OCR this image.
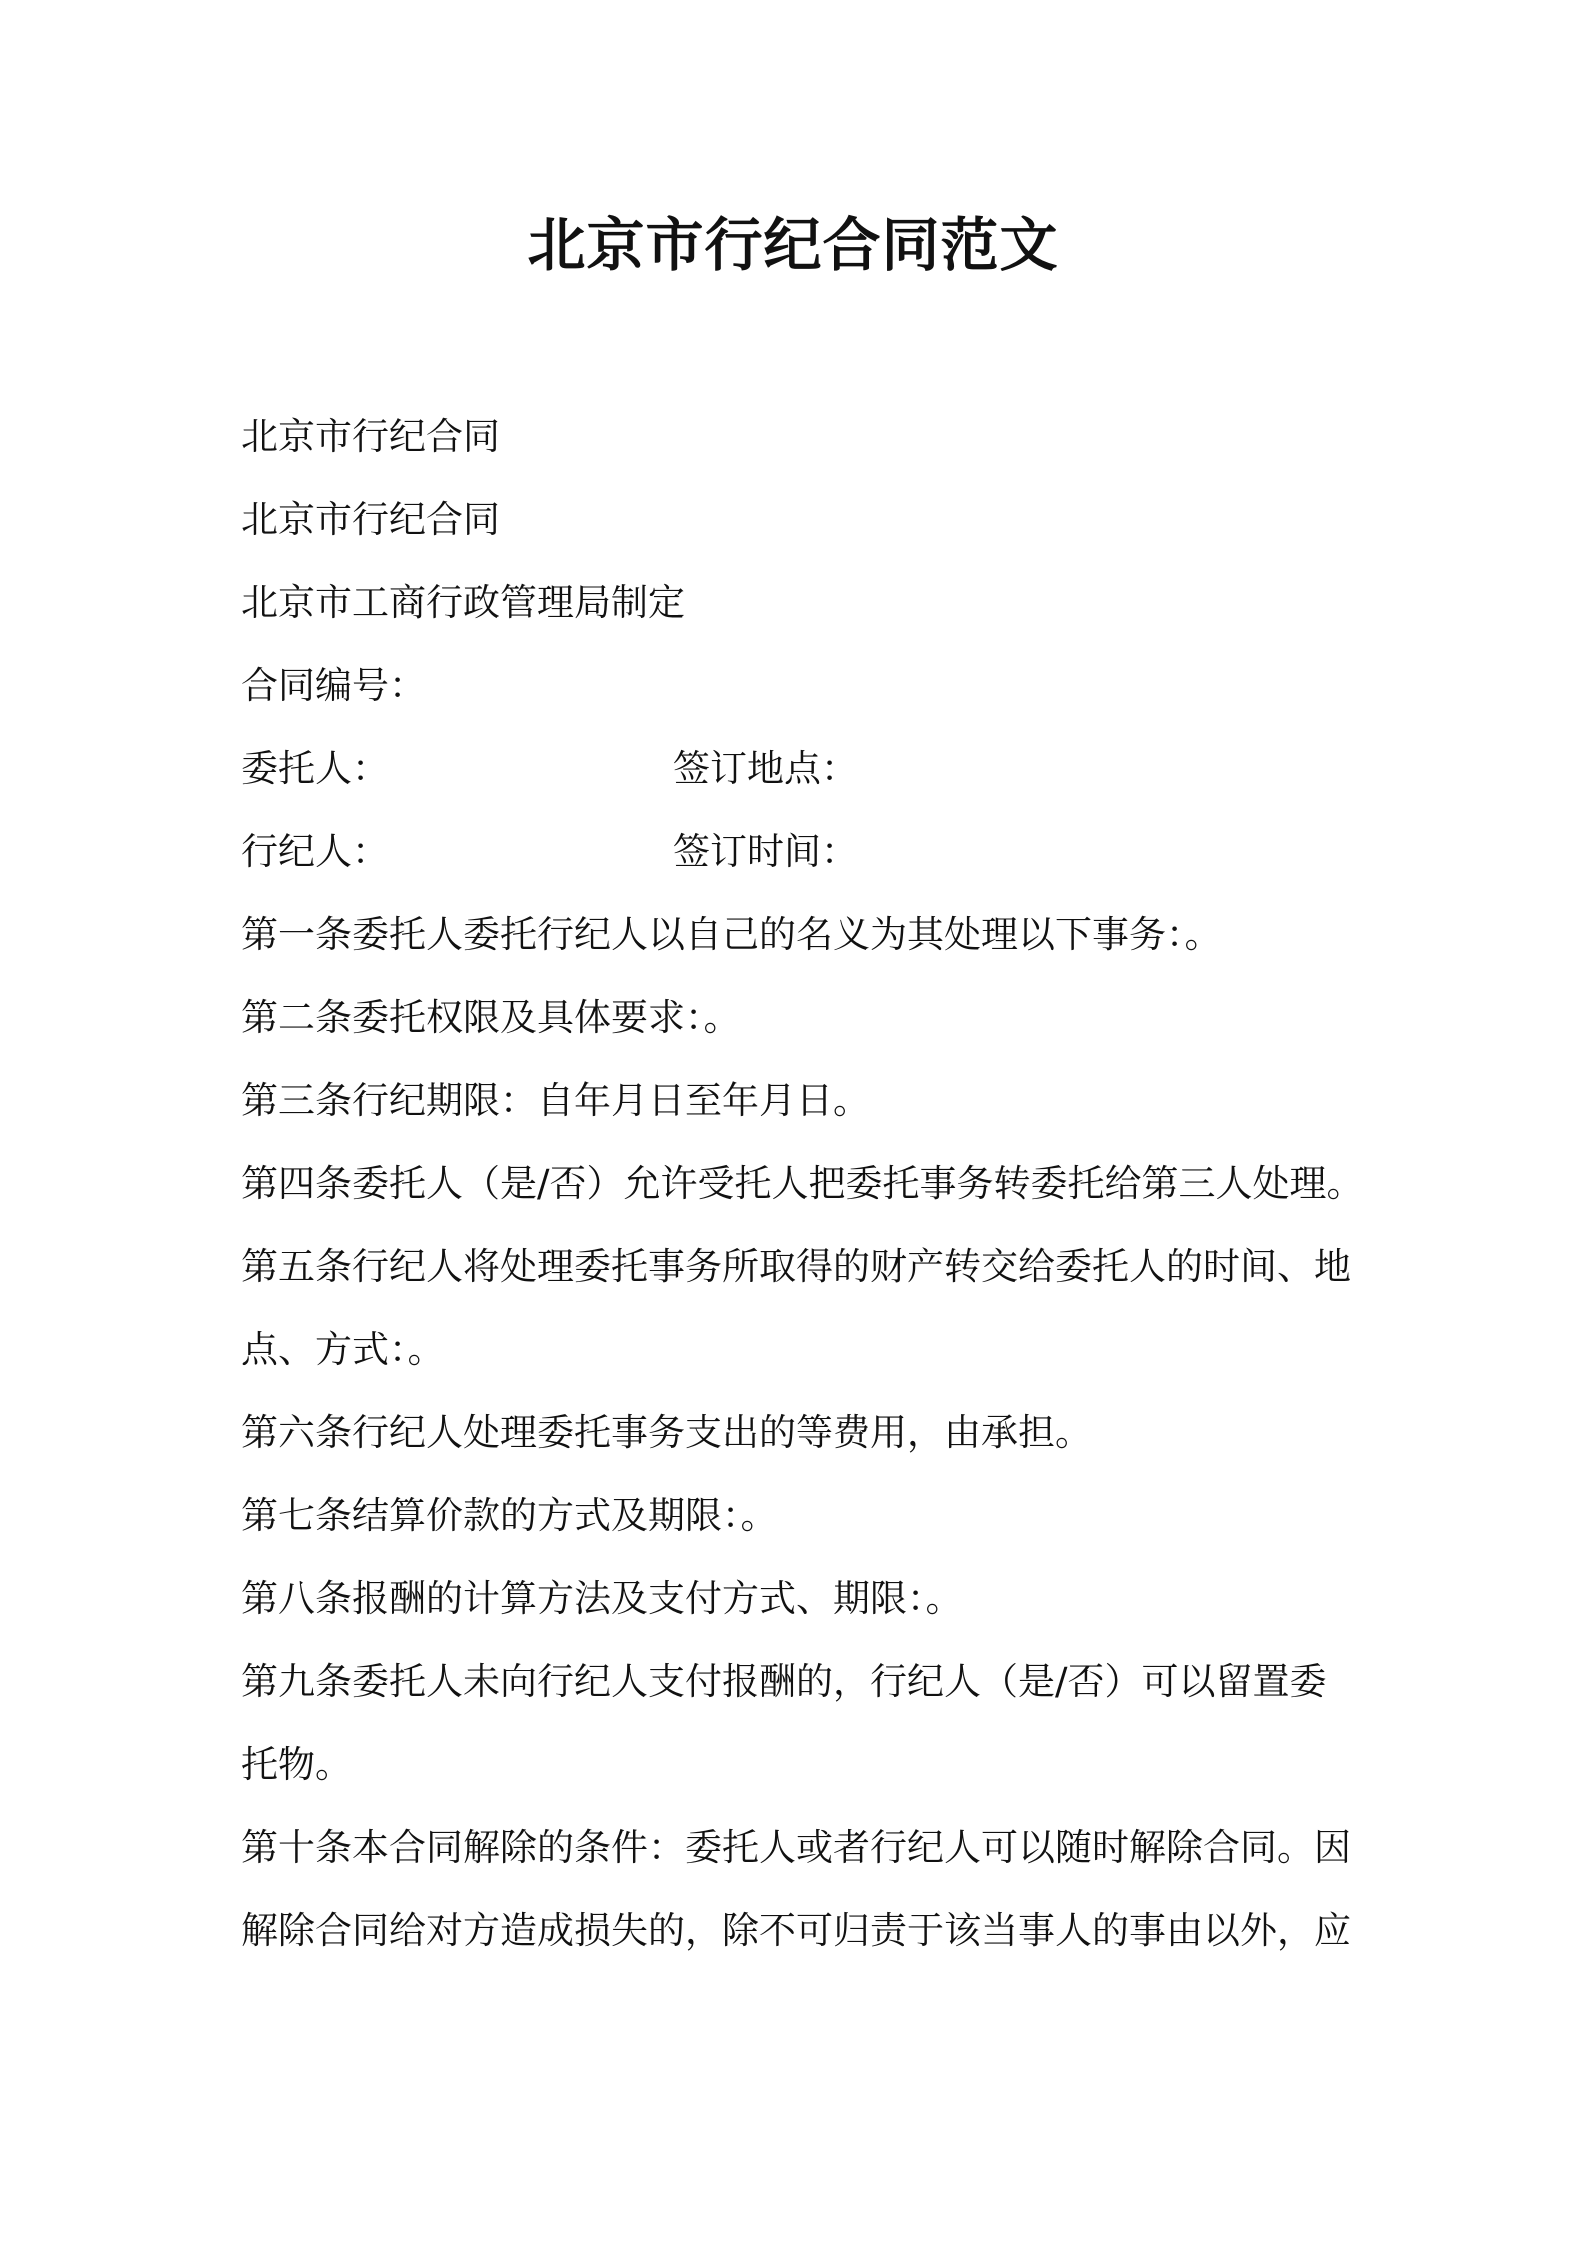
北京市行纪合同范文
北京市行纪合同
北京市行纪合同
北京市工商行政管理局制定
合同编号：
委托人：	签订地点：
行纪人：	签订时间：
第一条委托人委托行纪人以自己的名义为其处理以下事务：。
第二条委托权限及具体要求：。
第三条行纪期限：自年月日至年月日。
第四条委托人（是/否）允许受托人把委托事务转委托给第三人处理。
第五条行纪人将处理委托事务所取得的财产转交给委托人的时间、地
点、方式：。
第六条行纪人处理委托事务支出的等费用，由承担。
第七条结算价款的方式及期限：。
第八条报酬的计算方法及支付方式、期限：。
第九条委托人未向行纪人支付报酬的，行纪人（是/否）可以留置委
托物。
第十条本合同解除的条件：委托人或者行纪人可以随时解除合同。因
解除合同给对方造成损失的，除不可归责于该当事人的事由以外，应
